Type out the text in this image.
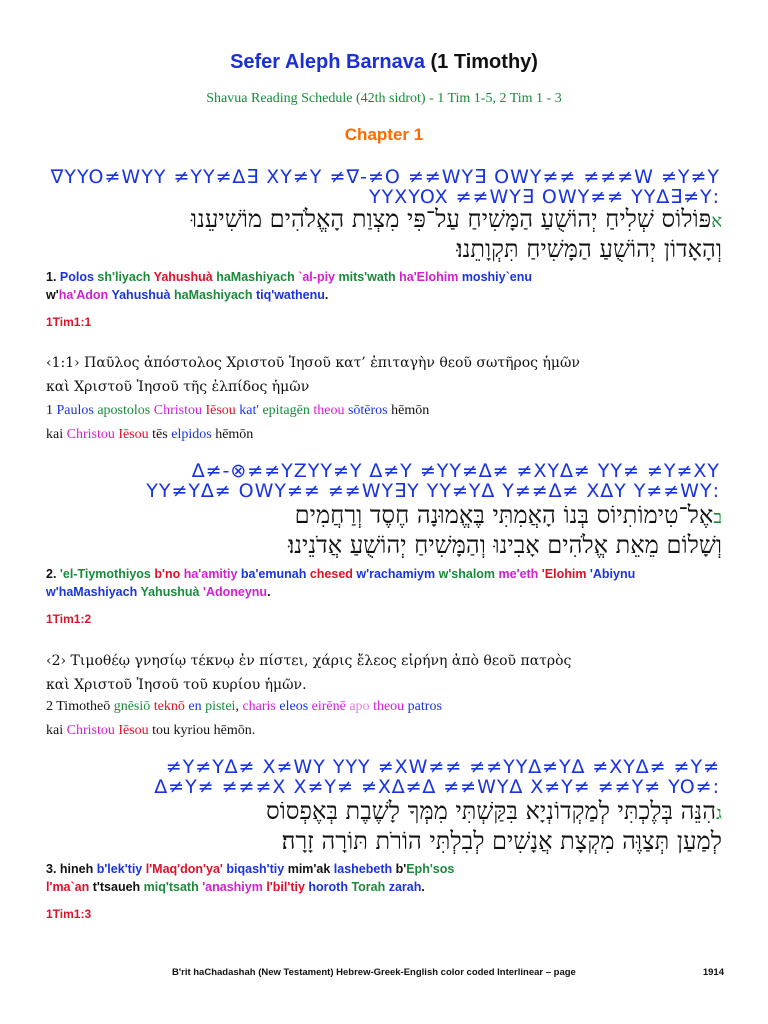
Sefer Aleph Barnava (1 Timothy)
Shavua Reading Schedule (42th sidrot) - 1 Tim 1-5, 2 Tim 1 - 3
Chapter 1
YYO≠WYY ≠YY≠∆∃ XY≠Y ≠∇-≠O ≠≠WY∃ OWY≠≠ ≠≠≠W ≠Y≠Y∇
:YYXYOX ≠≠WY∃ OWY≠≠ YY∆∃≠Y
אפּוֹלוֹס שְׁלִיחַ יְהוֹשֻׁעַ הַמָּשִׁיחַ עַל־פִּי מִצְוַת הָאֱלֹהִים מוֹשִׁיעֵנוּ
וְהָאָדוֹן יְהוֹשֻׁעַ הַמָּשִׁיחַ תִּקְוָתֵנוּ׃
1. Polos sh'liyach Yahushuà haMashiyach `al-piy mits'wath ha'Elohim moshiy`enu
w'ha'Adon Yahushuà haMashiyach tiq'wathenu.
1Tim1:1
‹1:1› Παῦλος ἀπόστολος Χριστοῦ Ἰησοῦ κατ’ ἐπιταγὴν θεοῦ σωτῆρος ἡμῶν
καὶ Χριστοῦ Ἰησοῦ τῆς ἐλπίδος ἡμῶν
1 Paulos apostolos Christou Iēsou kat' epitagēn theou sōtēros hēmōn
kai Christou Iēsou tēs elpidos hēmōn
YZYY≠Y ∆≠Y ≠YY≠∆≠ ≠XY∆≠ YY≠ ≠Y≠XY≠≠⊗-≠∆
:YY≠Y∆≠ OWY≠≠ ≠≠WY∃Y YY≠Y∆ Y≠≠∆≠ X∆Y Y≠≠WY
באֶל־טִימוֹתִיוֹס בְּנוֹ הָאֲמִתִּי בֶּאֱמוּנָה חֶסֶד וְרַחֲמִים
וְשָׁלוֹם מֵאֵת אֱלֹהִים אָבִינוּ וְהַמָּשִׁיחַ יְהוֹשֻׁעַ אֲדֹנֵינוּ׃
2. 'el-Tiymothiyos b'no ha'amitiy ba'emunah chesed w'rachamiym w'shalom me'eth 'Elohim 'Abiynu
w'haMashiyach Yahushuà 'Adoneynu.
1Tim1:2
‹2› Τιμοθέῳ γνησίῳ τέκνῳ ἐν πίστει, χάρις ἔλεος εἰρήνη ἀπὸ θεοῦ πατρὸς
καὶ Χριστοῦ Ἰησοῦ τοῦ κυρίου ἡμῶν.
2 Timotheō gnēsiō teknō en pistei, charis eleos eirēnē apo theou patros
kai Christou Iēsou tou kyriou hēmōn.
≠Y≠Y∆≠ X≠WY YYY ≠XW≠≠ ≠≠YY∆≠Y∆ ≠XY∆≠ ≠Y≠
:≠Y≠ ≠≠≠X X≠Y≠ ≠X∆≠∆ ≠≠WY∆ X≠Y≠ ≠≠Y≠ YO≠∆
גהִנֵּה בְּלֶכְתִּי לְמַקְדוֹנְיָא בִּקַּשְׁתִּי מִמְּךָ לָשֶׁבֶת בְּאֶפְסוֹס
לְמַעַן תְּצַוֶּה מִקְצָת אֲנָשִׁים לְבִלְתִּי הוֹרֹת תּוֹרָה זָרָה׃
3. hineh b'lek'tiy l'Maq'don'ya' biqash'tiy mim'ak lashebeth b'Eph'sos
l'ma`an t'tsaueh miq'tsath 'anashiym l'bil'tiy horoth Torah zarah.
1Tim1:3
B'rit haChadashah (New Testament) Hebrew-Greek-English color coded Interlinear – page	1914
